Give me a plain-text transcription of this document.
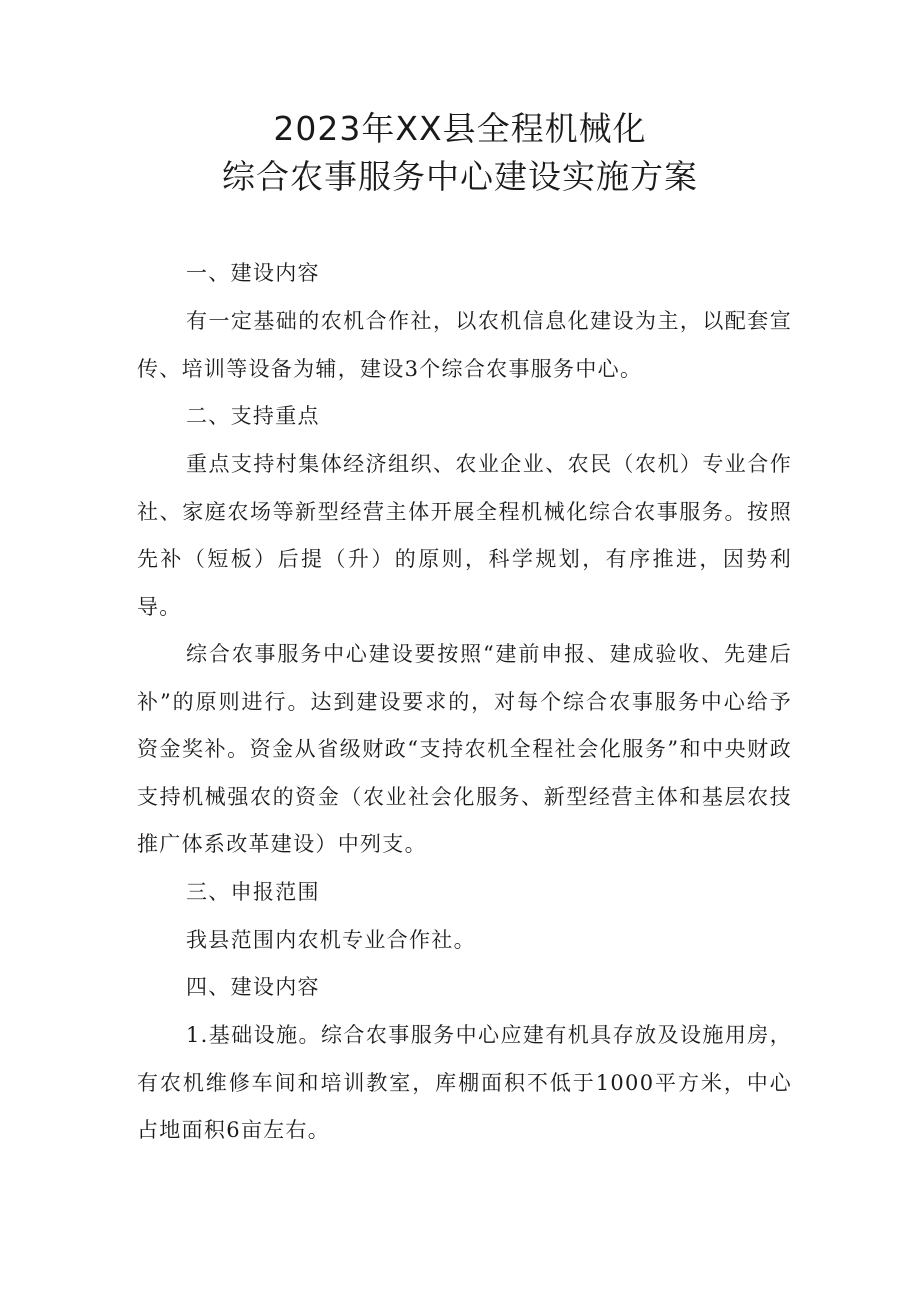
2023年XX县全程机械化
综合农事服务中心建设实施方案

一、建设内容

有一定基础的农机合作社，以农机信息化建设为主，以配套宣传、培训等设备为辅，建设3个综合农事服务中心。

二、支持重点

重点支持村集体经济组织、农业企业、农民（农机）专业合作社、家庭农场等新型经营主体开展全程机械化综合农事服务。按照先补（短板）后提（升）的原则，科学规划，有序推进，因势利导。

综合农事服务中心建设要按照“建前申报、建成验收、先建后补”的原则进行。达到建设要求的，对每个综合农事服务中心给予资金奖补。资金从省级财政“支持农机全程社会化服务”和中央财政支持机械强农的资金（农业社会化服务、新型经营主体和基层农技推广体系改革建设）中列支。

三、申报范围

我县范围内农机专业合作社。

四、建设内容

1.基础设施。综合农事服务中心应建有机具存放及设施用房，有农机维修车间和培训教室，库棚面积不低于1000平方米，中心占地面积6亩左右。
